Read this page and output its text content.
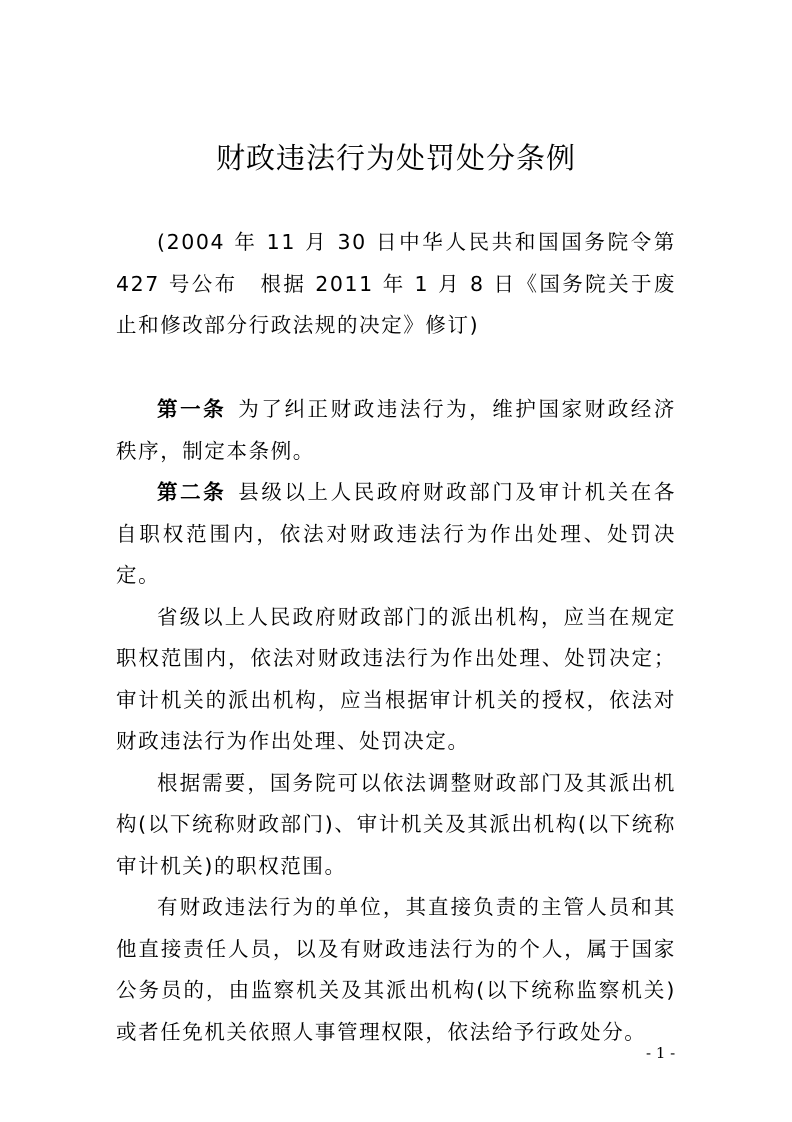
财政违法行为处罚处分条例

(2004 年 11 月 30 日中华人民共和国国务院令第 427 号公布　根据 2011 年 1 月 8 日《国务院关于废止和修改部分行政法规的决定》修订)

第一条 为了纠正财政违法行为，维护国家财政经济秩序，制定本条例。

第二条 县级以上人民政府财政部门及审计机关在各自职权范围内，依法对财政违法行为作出处理、处罚决定。

省级以上人民政府财政部门的派出机构，应当在规定职权范围内，依法对财政违法行为作出处理、处罚决定；审计机关的派出机构，应当根据审计机关的授权，依法对财政违法行为作出处理、处罚决定。

根据需要，国务院可以依法调整财政部门及其派出机构(以下统称财政部门)、审计机关及其派出机构(以下统称审计机关)的职权范围。

有财政违法行为的单位，其直接负责的主管人员和其他直接责任人员，以及有财政违法行为的个人，属于国家公务员的，由监察机关及其派出机构(以下统称监察机关)或者任免机关依照人事管理权限，依法给予行政处分。

- 1 -
